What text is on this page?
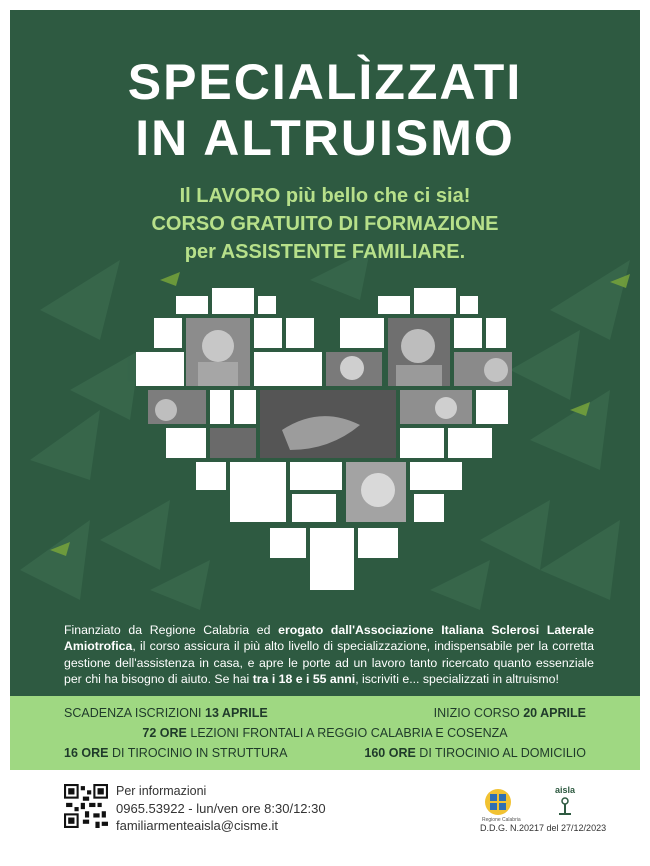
SPECIALÌZZATI
IN ALTRUISMO
Il LAVORO più bello che ci sia!
CORSO GRATUITO DI FORMAZIONE
per ASSISTENTE FAMILIARE.
Finanziato da Regione Calabria ed erogato dall'Associazione Italiana Sclerosi Laterale Amiotrofica, il corso assicura il più alto livello di specializzazione, indispensabile per la corretta gestione dell'assistenza in casa, e apre le porte ad un lavoro tanto ricercato quanto essenziale per chi ha bisogno di aiuto. Se hai tra i 18 e i 55 anni, iscriviti e... specializzati in altruismo!
SCADENZA ISCRIZIONI 13 APRILE	INIZIO CORSO 20 APRILE
72 ORE LEZIONI FRONTALI A REGGIO CALABRIA E COSENZA
16 ORE DI TIROCINIO IN STRUTTURA	160 ORE DI TIROCINIO AL DOMICILIO
Per informazioni
0965.53922 - lun/ven ore 8:30/12:30
familiarmenteaisla@cisme.it	Regione Calabria
aisla
D.D.G. N.20217 del 27/12/2023
